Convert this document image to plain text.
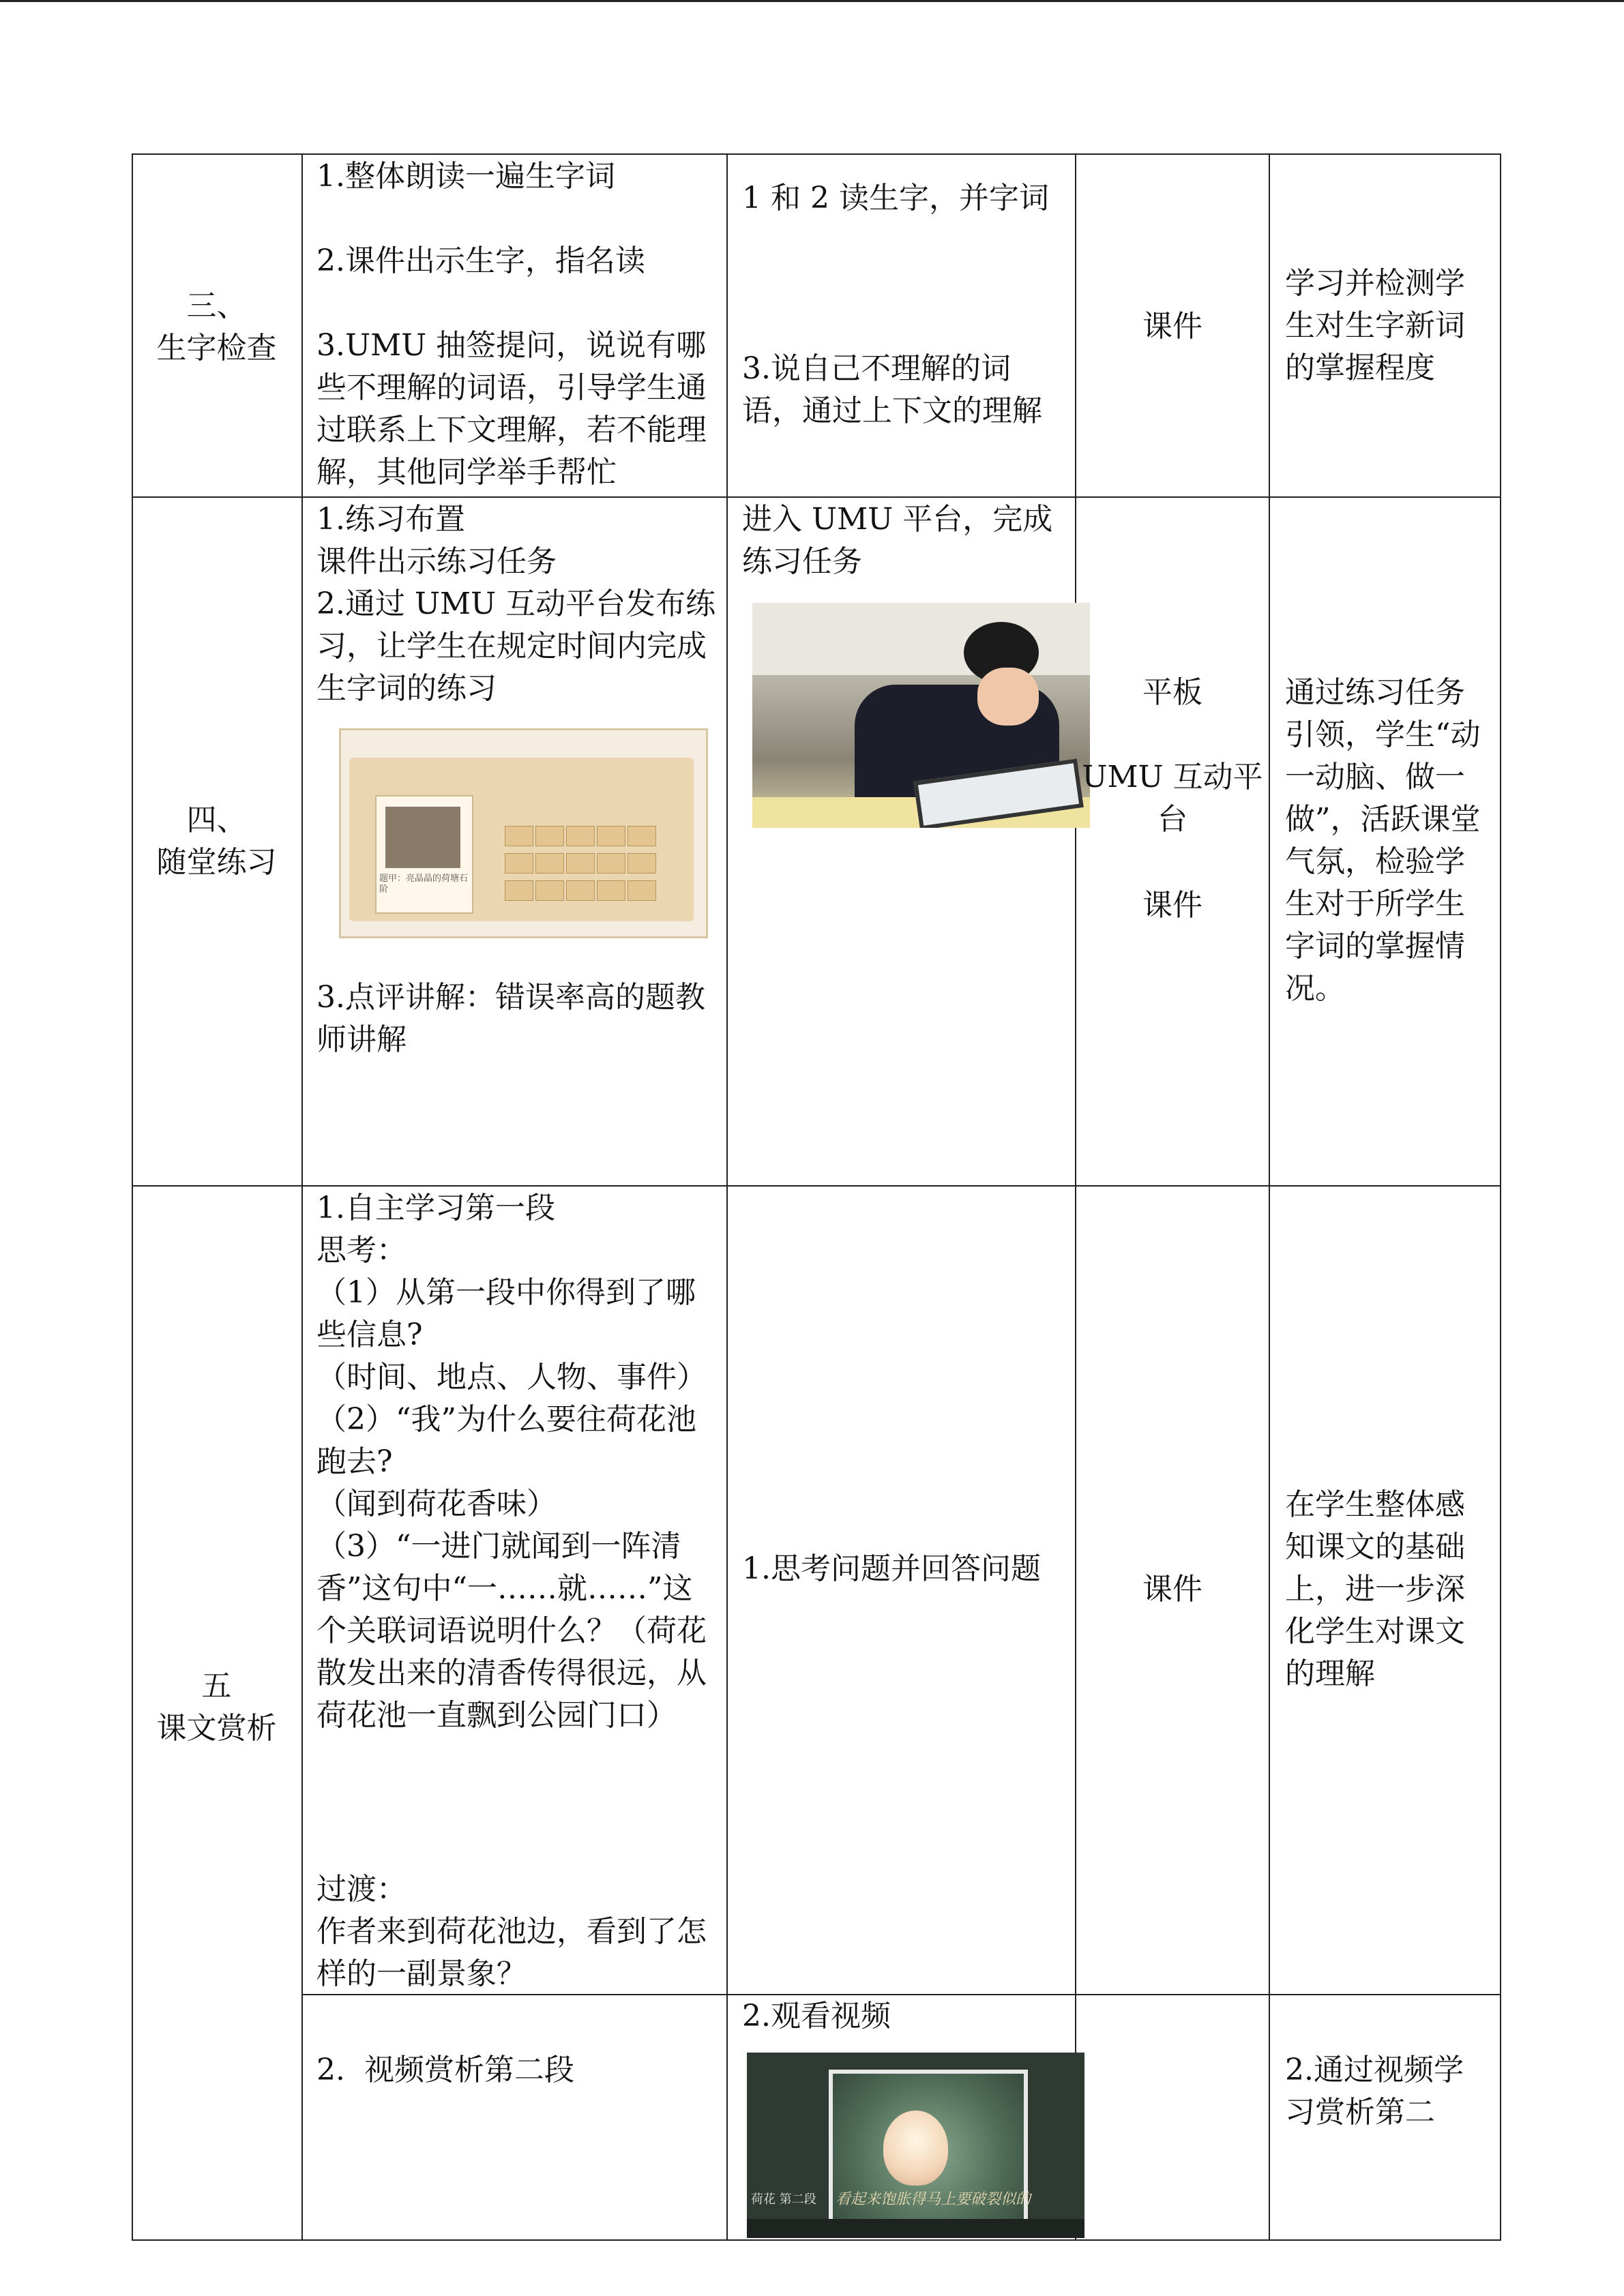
三、
生字检查

1.整体朗读一遍生字词

2.课件出示生字，指名读

3.UMU 抽签提问，说说有哪些不理解的词语，引导学生通过联系上下文理解，若不能理解，其他同学举手帮忙

1 和 2 读生字，并字词
3.说自己不理解的词语，通过上下文的理解
课件
学习并检测学生对生字新词的掌握程度
四、
随堂练习
1.练习布置
课件出示练习任务
2.通过 UMU 互动平台发布练习，让学生在规定时间内完成生字词的练习
题甲：亮晶晶的荷塘石阶
3.点评讲解：错误率高的题教师讲解
进入 UMU 平台，完成练习任务
平板
UMU 互动平台
课件
通过练习任务引领，学生“动一动脑、做一做”，活跃课堂气氛，检验学生对于所学生字词的掌握情况。
五
课文赏析
1.自主学习第一段
思考：
（1）从第一段中你得到了哪些信息?
（时间、地点、人物、事件）
（2）“我”为什么要往荷花池跑去?
（闻到荷花香味）
（3）“一进门就闻到一阵清香”这句中“一……就……”这个关联词语说明什么？（荷花散发出来的清香传得很远，从荷花池一直飘到公园门口）
过渡：
作者来到荷花池边，看到了怎样的一副景象？
1.思考问题并回答问题
课件
在学生整体感知课文的基础上，进一步深化学生对课文的理解
2.  视频赏析第二段
2.观看视频
荷花 第二段 看起来饱胀得马上要破裂似的
2.通过视频学习赏析第二
